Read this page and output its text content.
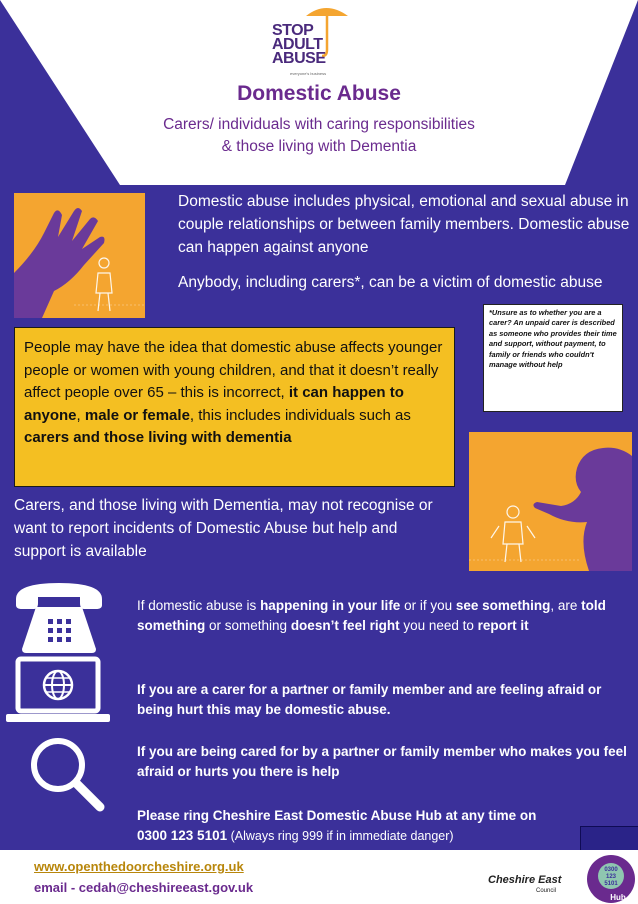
STOP
ADULT
ABUSE
everyone's business
Domestic Abuse
Carers/ individuals with caring responsibilities
& those living with Dementia

Domestic abuse includes physical, emotional and sexual abuse in couple relationships or between family members. Domestic abuse can happen against anyone

Anybody, including carers*, can be a victim of domestic abuse

*Unsure as to whether you are a carer? An unpaid carer is described as someone who provides their time and support, without payment, to family or friends who couldn't manage without help
People may have the idea that domestic abuse affects younger people or women with young children, and that it doesn’t really affect people over 65 – this is incorrect, it can happen to anyone, male or female, this includes individuals such as carers and those living with dementia
Carers, and those living with Dementia, may not recognise or want to report incidents of Domestic Abuse but help and support is available
If domestic abuse is happening in your life or if you see something, are told something or something doesn’t feel right you need to report it
If you are a carer for a partner or family member and are feeling afraid or being hurt this may be domestic abuse.
If you are being cared for by a partner or family member who makes you feel afraid or hurts you there is help
Please ring Cheshire East Domestic Abuse Hub at any time on
0300 123 5101 (Always ring 999 if in immediate danger)
www.openthedoorcheshire.org.uk
email - cedah@cheshireeast.gov.uk	Cheshire East
Council
0300
123
5101
Hub
